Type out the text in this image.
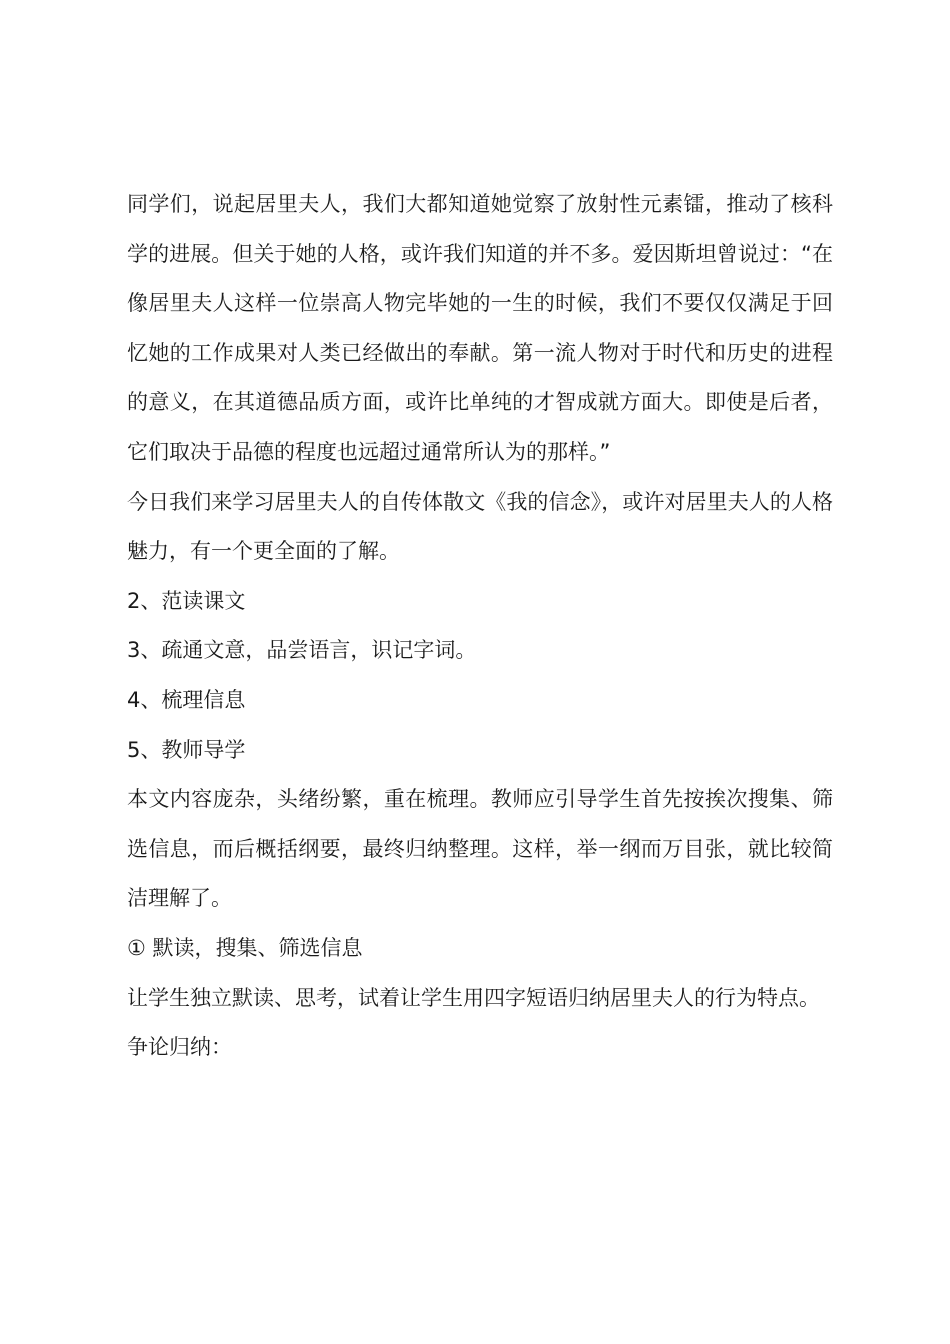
同学们，说起居里夫人，我们大都知道她觉察了放射性元素镭，推动了核科学的进展。但关于她的人格，或许我们知道的并不多。爱因斯坦曾说过：“在像居里夫人这样一位崇高人物完毕她的一生的时候，我们不要仅仅满足于回忆她的工作成果对人类已经做出的奉献。第一流人物对于时代和历史的进程的意义，在其道德品质方面，或许比单纯的才智成就方面大。即使是后者，它们取决于品德的程度也远超过通常所认为的那样。”

今日我们来学习居里夫人的自传体散文《我的信念》，或许对居里夫人的人格魅力，有一个更全面的了解。

2、范读课文

3、疏通文意，品尝语言，识记字词。

4、梳理信息

5、教师导学

本文内容庞杂，头绪纷繁，重在梳理。教师应引导学生首先按挨次搜集、筛选信息，而后概括纲要，最终归纳整理。这样，举一纲而万目张，就比较简洁理解了。

① 默读，搜集、筛选信息

让学生独立默读、思考，试着让学生用四字短语归纳居里夫人的行为特点。

争论归纳：
